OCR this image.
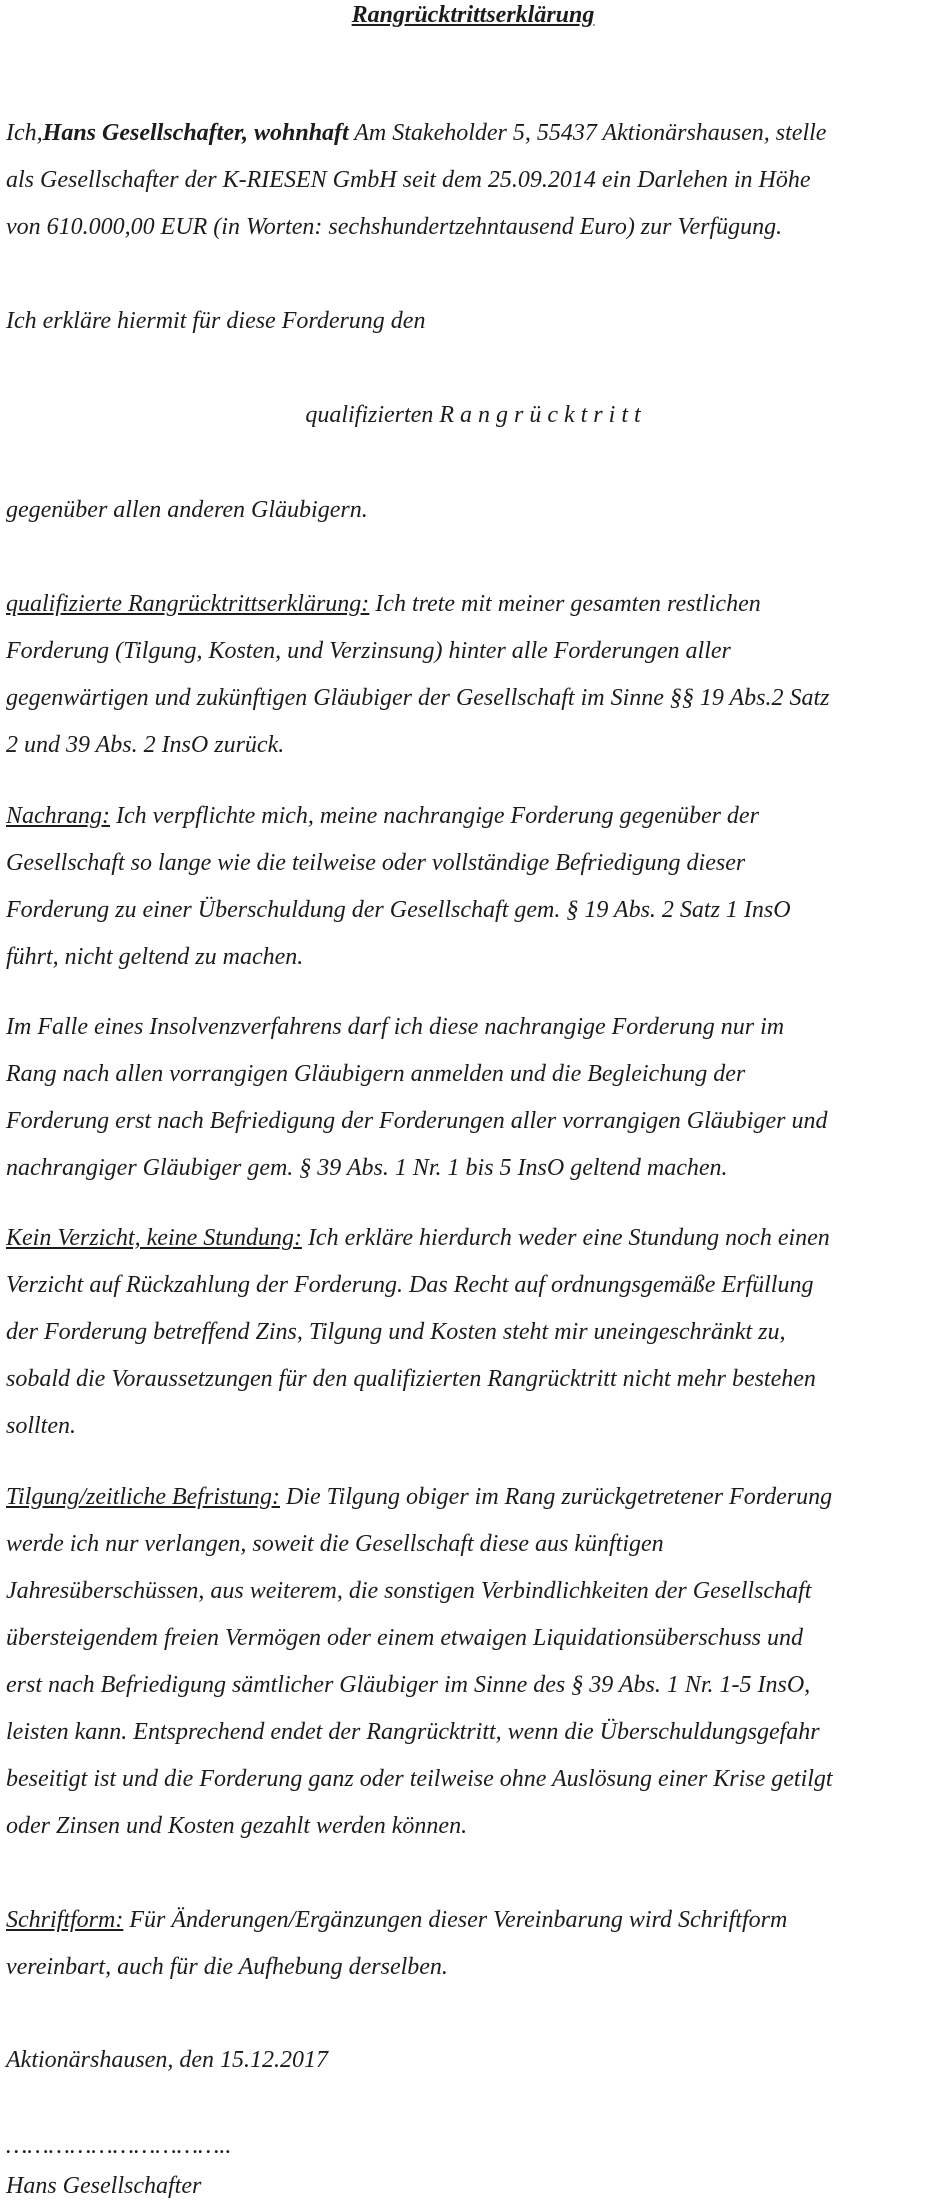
Rangrücktrittserklärung
Ich,Hans Gesellschafter, wohnhaft Am Stakeholder 5, 55437 Aktionärshausen, stelle
als Gesellschafter der K-RIESEN GmbH seit dem 25.09.2014 ein Darlehen in Höhe
von 610.000,00 EUR (in Worten: sechshundertzehntausend Euro) zur Verfügung.
Ich erkläre hiermit für diese Forderung den
qualifizierten R a n g r ü c k t r i t t
gegenüber allen anderen Gläubigern.
qualifizierte Rangrücktrittserklärung: Ich trete mit meiner gesamten restlichen
Forderung (Tilgung, Kosten, und Verzinsung) hinter alle Forderungen aller
gegenwärtigen und zukünftigen Gläubiger der Gesellschaft im Sinne §§ 19 Abs.2 Satz
2 und 39 Abs. 2 InsO zurück.
Nachrang: Ich verpflichte mich, meine nachrangige Forderung gegenüber der
Gesellschaft so lange wie die teilweise oder vollständige Befriedigung dieser
Forderung zu einer Überschuldung der Gesellschaft gem. § 19 Abs. 2 Satz 1 InsO
führt, nicht geltend zu machen.
Im Falle eines Insolvenzverfahrens darf ich diese nachrangige Forderung nur im
Rang nach allen vorrangigen Gläubigern anmelden und die Begleichung der
Forderung erst nach Befriedigung der Forderungen aller vorrangigen Gläubiger und
nachrangiger Gläubiger gem. § 39 Abs. 1 Nr. 1 bis 5 InsO geltend machen.
Kein Verzicht, keine Stundung: Ich erkläre hierdurch weder eine Stundung noch einen
Verzicht auf Rückzahlung der Forderung. Das Recht auf ordnungsgemäße Erfüllung
der Forderung betreffend Zins, Tilgung und Kosten steht mir uneingeschränkt zu,
sobald die Voraussetzungen für den qualifizierten Rangrücktritt nicht mehr bestehen
sollten.
Tilgung/zeitliche Befristung: Die Tilgung obiger im Rang zurückgetretener Forderung
werde ich nur verlangen, soweit die Gesellschaft diese aus künftigen
Jahresüberschüssen, aus weiterem, die sonstigen Verbindlichkeiten der Gesellschaft
übersteigendem freien Vermögen oder einem etwaigen Liquidationsüberschuss und
erst nach Befriedigung sämtlicher Gläubiger im Sinne des § 39 Abs. 1 Nr. 1-5 InsO,
leisten kann. Entsprechend endet der Rangrücktritt, wenn die Überschuldungsgefahr
beseitigt ist und die Forderung ganz oder teilweise ohne Auslösung einer Krise getilgt
oder Zinsen und Kosten gezahlt werden können.
Schriftform: Für Änderungen/Ergänzungen dieser Vereinbarung wird Schriftform
vereinbart, auch für die Aufhebung derselben.
Aktionärshausen, den 15.12.2017
…………………………..
Hans Gesellschafter
